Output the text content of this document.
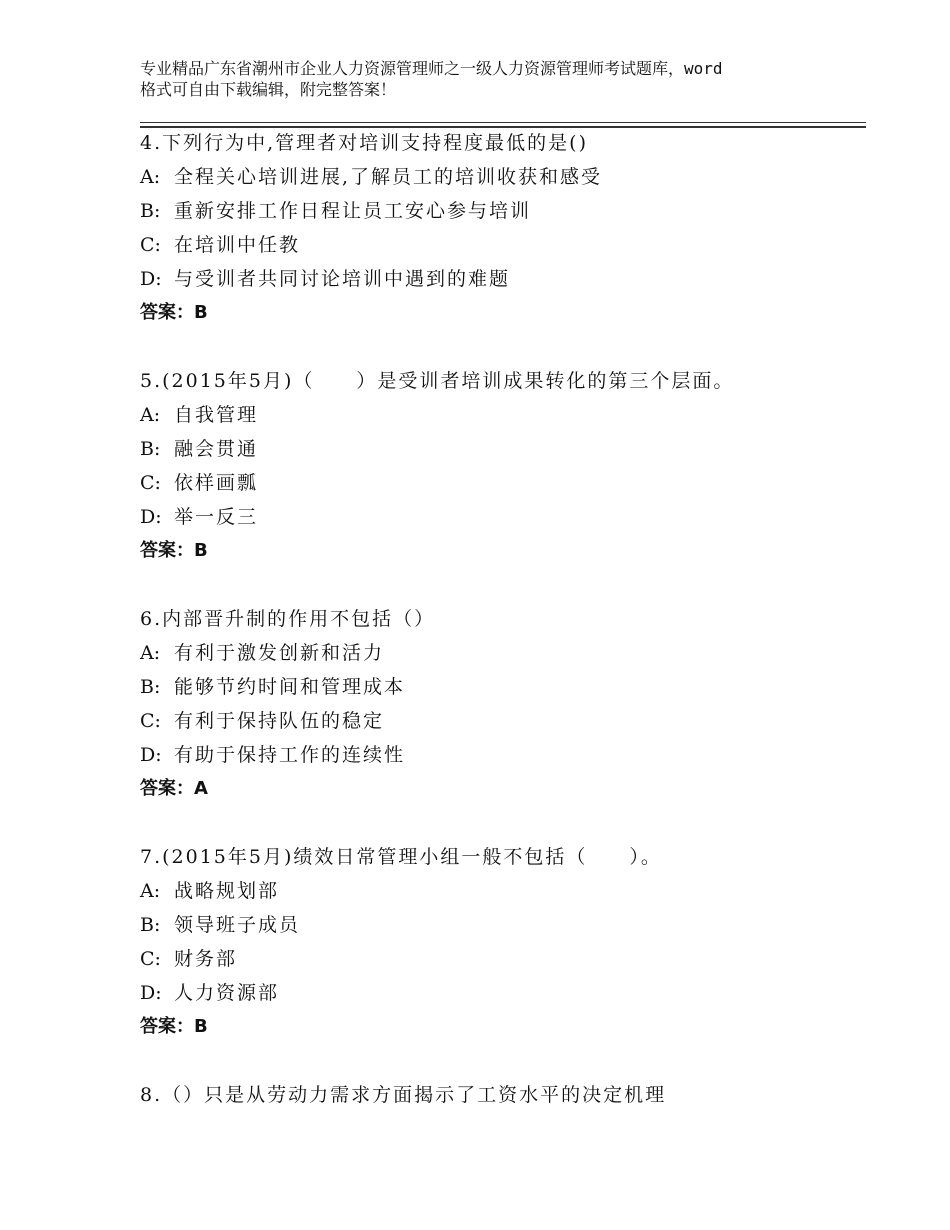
专业精品广东省潮州市企业人力资源管理师之一级人力资源管理师考试题库，word
格式可自由下载编辑，附完整答案！
4.下列行为中,管理者对培训支持程度最低的是()
A: 全程关心培训进展,了解员工的培训收获和感受
B: 重新安排工作日程让员工安心参与培训
C: 在培训中任教
D: 与受训者共同讨论培训中遇到的难题
答案：B
5.(2015年5月)（　　）是受训者培训成果转化的第三个层面。
A: 自我管理
B: 融会贯通
C: 依样画瓢
D: 举一反三
答案：B
6.内部晋升制的作用不包括（）
A: 有利于激发创新和活力
B: 能够节约时间和管理成本
C: 有利于保持队伍的稳定
D: 有助于保持工作的连续性
答案：A
7.(2015年5月)绩效日常管理小组一般不包括（　　）。
A: 战略规划部
B: 领导班子成员
C: 财务部
D: 人力资源部
答案：B
8.（）只是从劳动力需求方面揭示了工资水平的决定机理
